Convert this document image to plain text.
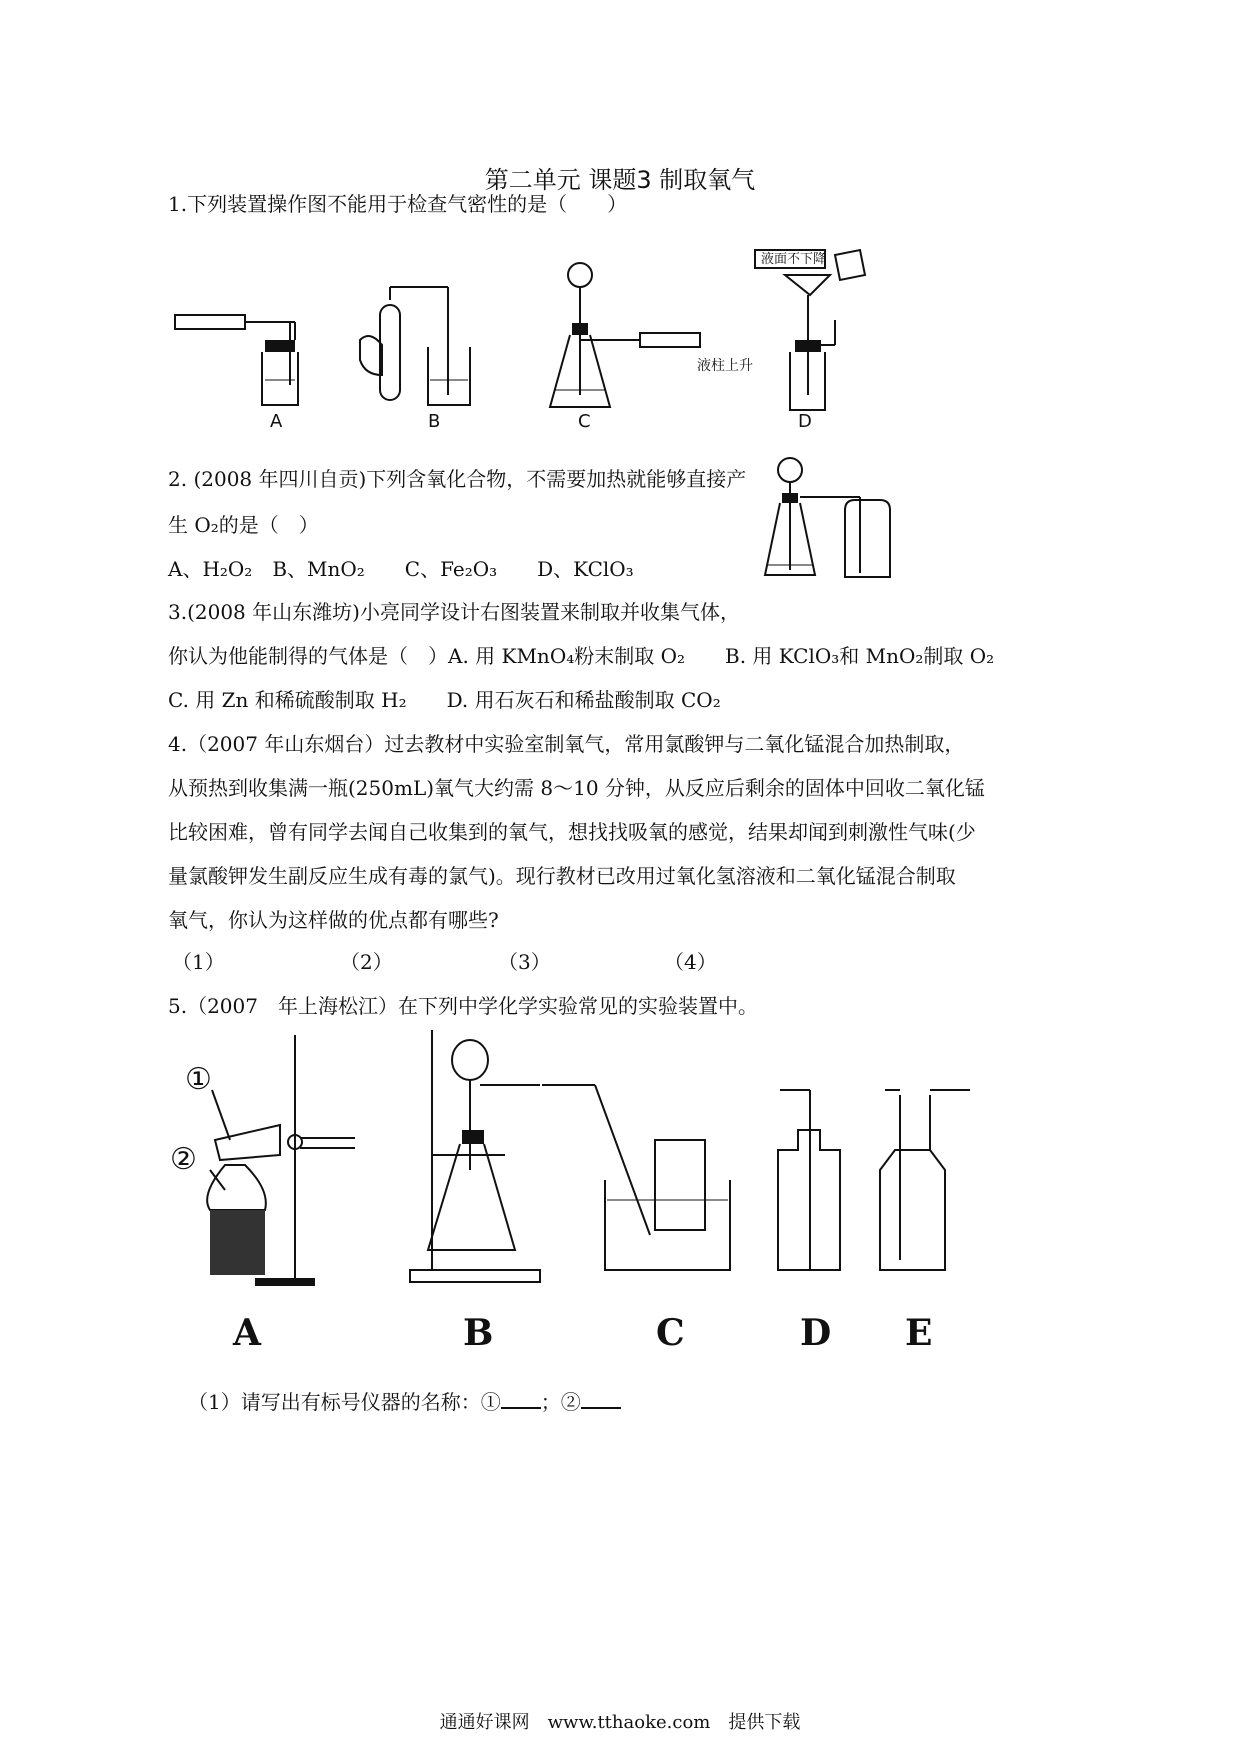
第二单元 课题3 制取氧气
1.下列装置操作图不能用于检查气密性的是（　　）
液柱上升
液面不下降
A	B	C	D
2. (2008 年四川自贡)下列含氧化合物，不需要加热就能够直接产
生 O₂的是（　）
A、H₂O₂　B、MnO₂　　C、Fe₂O₃　　D、KClO₃
3.(2008 年山东潍坊)小亮同学设计右图装置来制取并收集气体，
你认为他能制得的气体是（　）A. 用 KMnO₄粉末制取 O₂　　B. 用 KClO₃和 MnO₂制取 O₂
C. 用 Zn 和稀硫酸制取 H₂　　D. 用石灰石和稀盐酸制取 CO₂
4.（2007 年山东烟台）过去教材中实验室制氧气，常用氯酸钾与二氧化锰混合加热制取，
从预热到收集满一瓶(250mL)氧气大约需 8～10 分钟，从反应后剩余的固体中回收二氧化锰
比较困难，曾有同学去闻自己收集到的氧气，想找找吸氧的感觉，结果却闻到刺激性气味(少
量氯酸钾发生副反应生成有毒的氯气)。现行教材已改用过氧化氢溶液和二氧化锰混合制取
氧气，你认为这样做的优点都有哪些?
（1）	（2）	（3）	（4）
5.（2007　年上海松江）在下列中学化学实验常见的实验装置中。
①
②
A	B	C	D E
（1）请写出有标号仪器的名称：① ；②
通通好课网　www.tthaoke.com　提供下载
